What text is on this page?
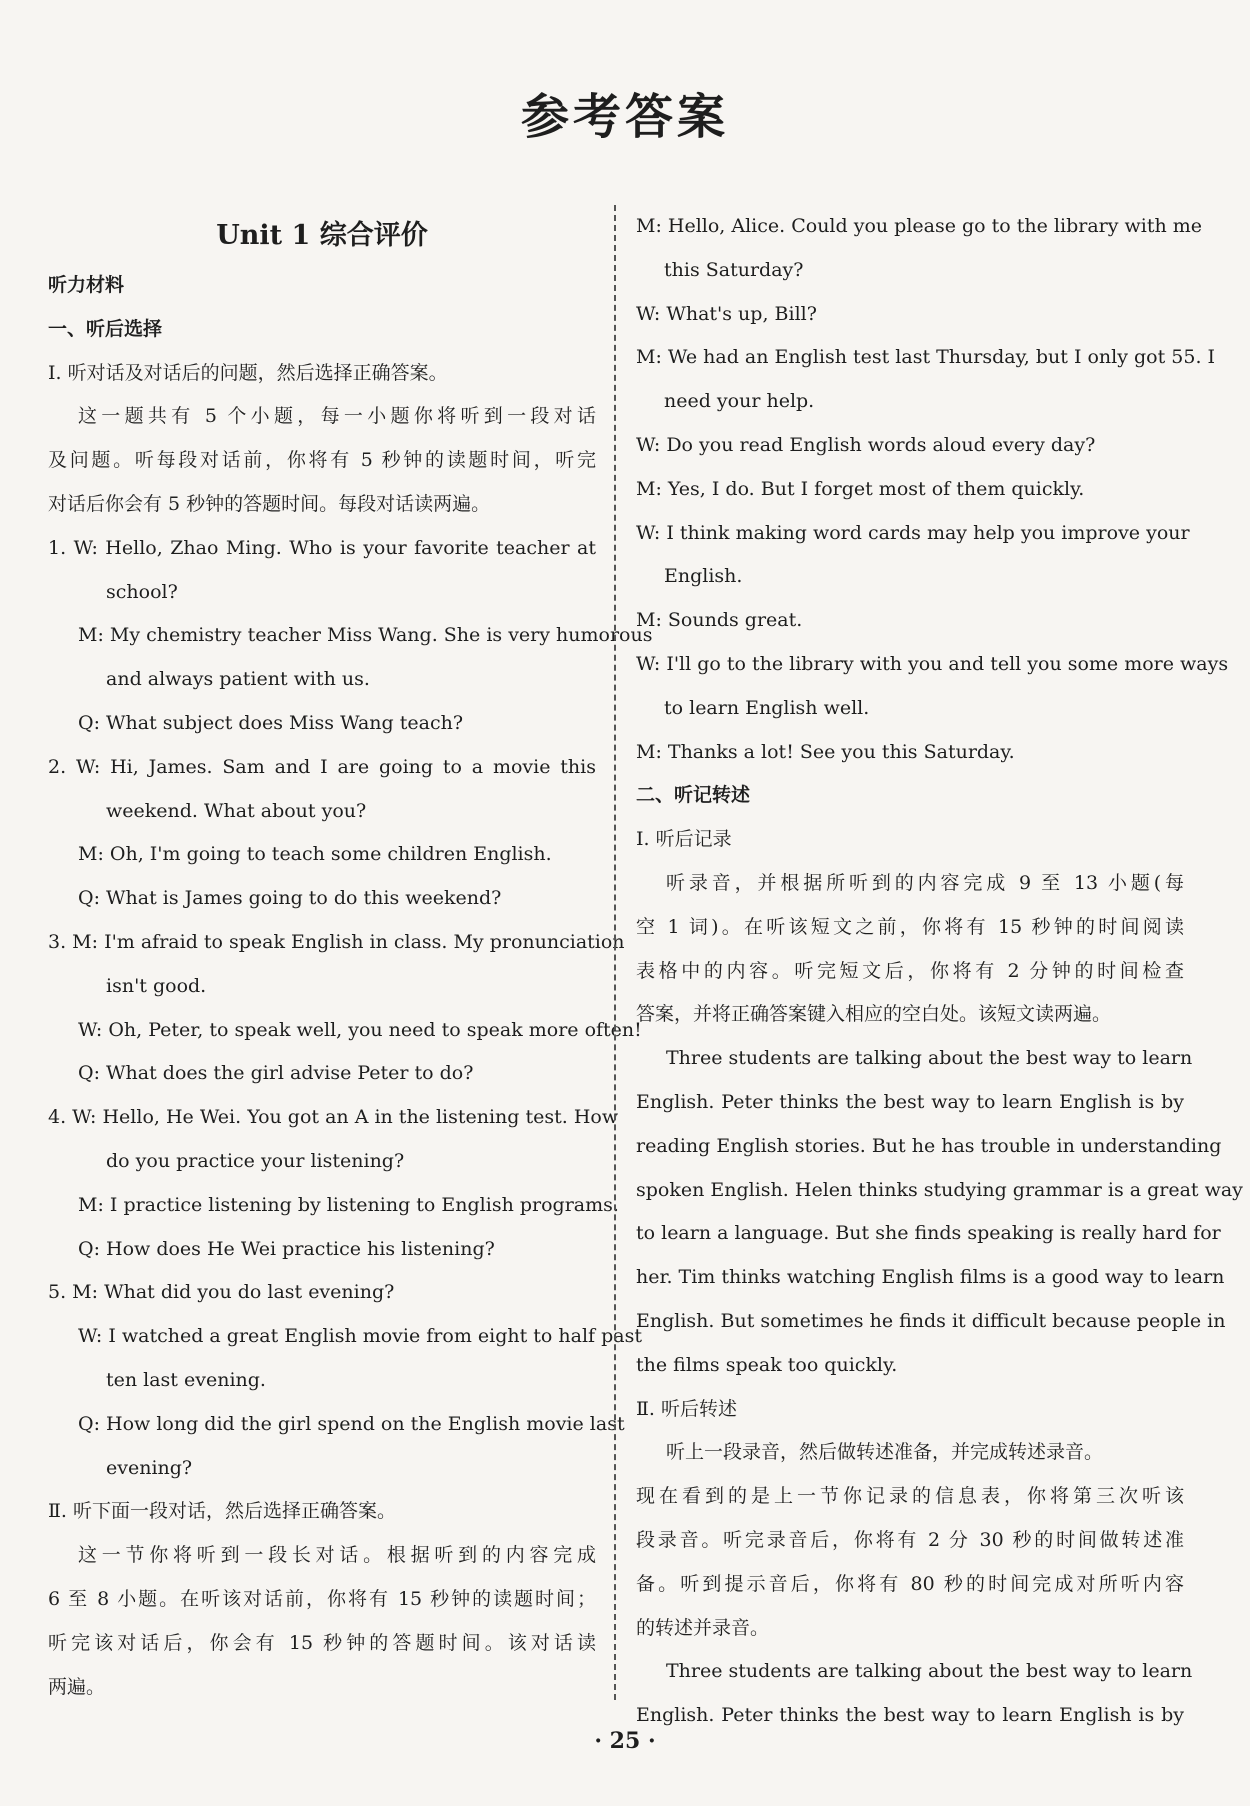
参考答案
Unit 1 综合评价
听力材料
一、听后选择
Ⅰ. 听对话及对话后的问题，然后选择正确答案。
这一题共有 5 个小题，每一小题你将听到一段对话
及问题。听每段对话前，你将有 5 秒钟的读题时间，听完
对话后你会有 5 秒钟的答题时间。每段对话读两遍。
1. W: Hello, Zhao Ming. Who is your favorite teacher at
school?
M: My chemistry teacher Miss Wang. She is very humorous
and always patient with us.
Q: What subject does Miss Wang teach?
2. W: Hi, James. Sam and I are going to a movie this
weekend. What about you?
M: Oh, I'm going to teach some children English.
Q: What is James going to do this weekend?
3. M: I'm afraid to speak English in class. My pronunciation
isn't good.
W: Oh, Peter, to speak well, you need to speak more often!
Q: What does the girl advise Peter to do?
4. W: Hello, He Wei. You got an A in the listening test. How
do you practice your listening?
M: I practice listening by listening to English programs.
Q: How does He Wei practice his listening?
5. M: What did you do last evening?
W: I watched a great English movie from eight to half past
ten last evening.
Q: How long did the girl spend on the English movie last
evening?
Ⅱ. 听下面一段对话，然后选择正确答案。
这一节你将听到一段长对话。根据听到的内容完成
6 至 8 小题。在听该对话前，你将有 15 秒钟的读题时间；
听完该对话后，你会有 15 秒钟的答题时间。该对话读
两遍。
M: Hello, Alice. Could you please go to the library with me
this Saturday?
W: What's up, Bill?
M: We had an English test last Thursday, but I only got 55. I
need your help.
W: Do you read English words aloud every day?
M: Yes, I do. But I forget most of them quickly.
W: I think making word cards may help you improve your
English.
M: Sounds great.
W: I'll go to the library with you and tell you some more ways
to learn English well.
M: Thanks a lot! See you this Saturday.
二、听记转述
Ⅰ. 听后记录
听录音，并根据所听到的内容完成 9 至 13 小题(每
空 1 词)。在听该短文之前，你将有 15 秒钟的时间阅读
表格中的内容。听完短文后，你将有 2 分钟的时间检查
答案，并将正确答案键入相应的空白处。该短文读两遍。
Three students are talking about the best way to learn
English. Peter thinks the best way to learn English is by
reading English stories. But he has trouble in understanding
spoken English. Helen thinks studying grammar is a great way
to learn a language. But she finds speaking is really hard for
her. Tim thinks watching English films is a good way to learn
English. But sometimes he finds it difficult because people in
the films speak too quickly.
Ⅱ. 听后转述
听上一段录音，然后做转述准备，并完成转述录音。
现在看到的是上一节你记录的信息表，你将第三次听该
段录音。听完录音后，你将有 2 分 30 秒的时间做转述准
备。听到提示音后，你将有 80 秒的时间完成对所听内容
的转述并录音。
Three students are talking about the best way to learn
English. Peter thinks the best way to learn English is by
· 25 ·
